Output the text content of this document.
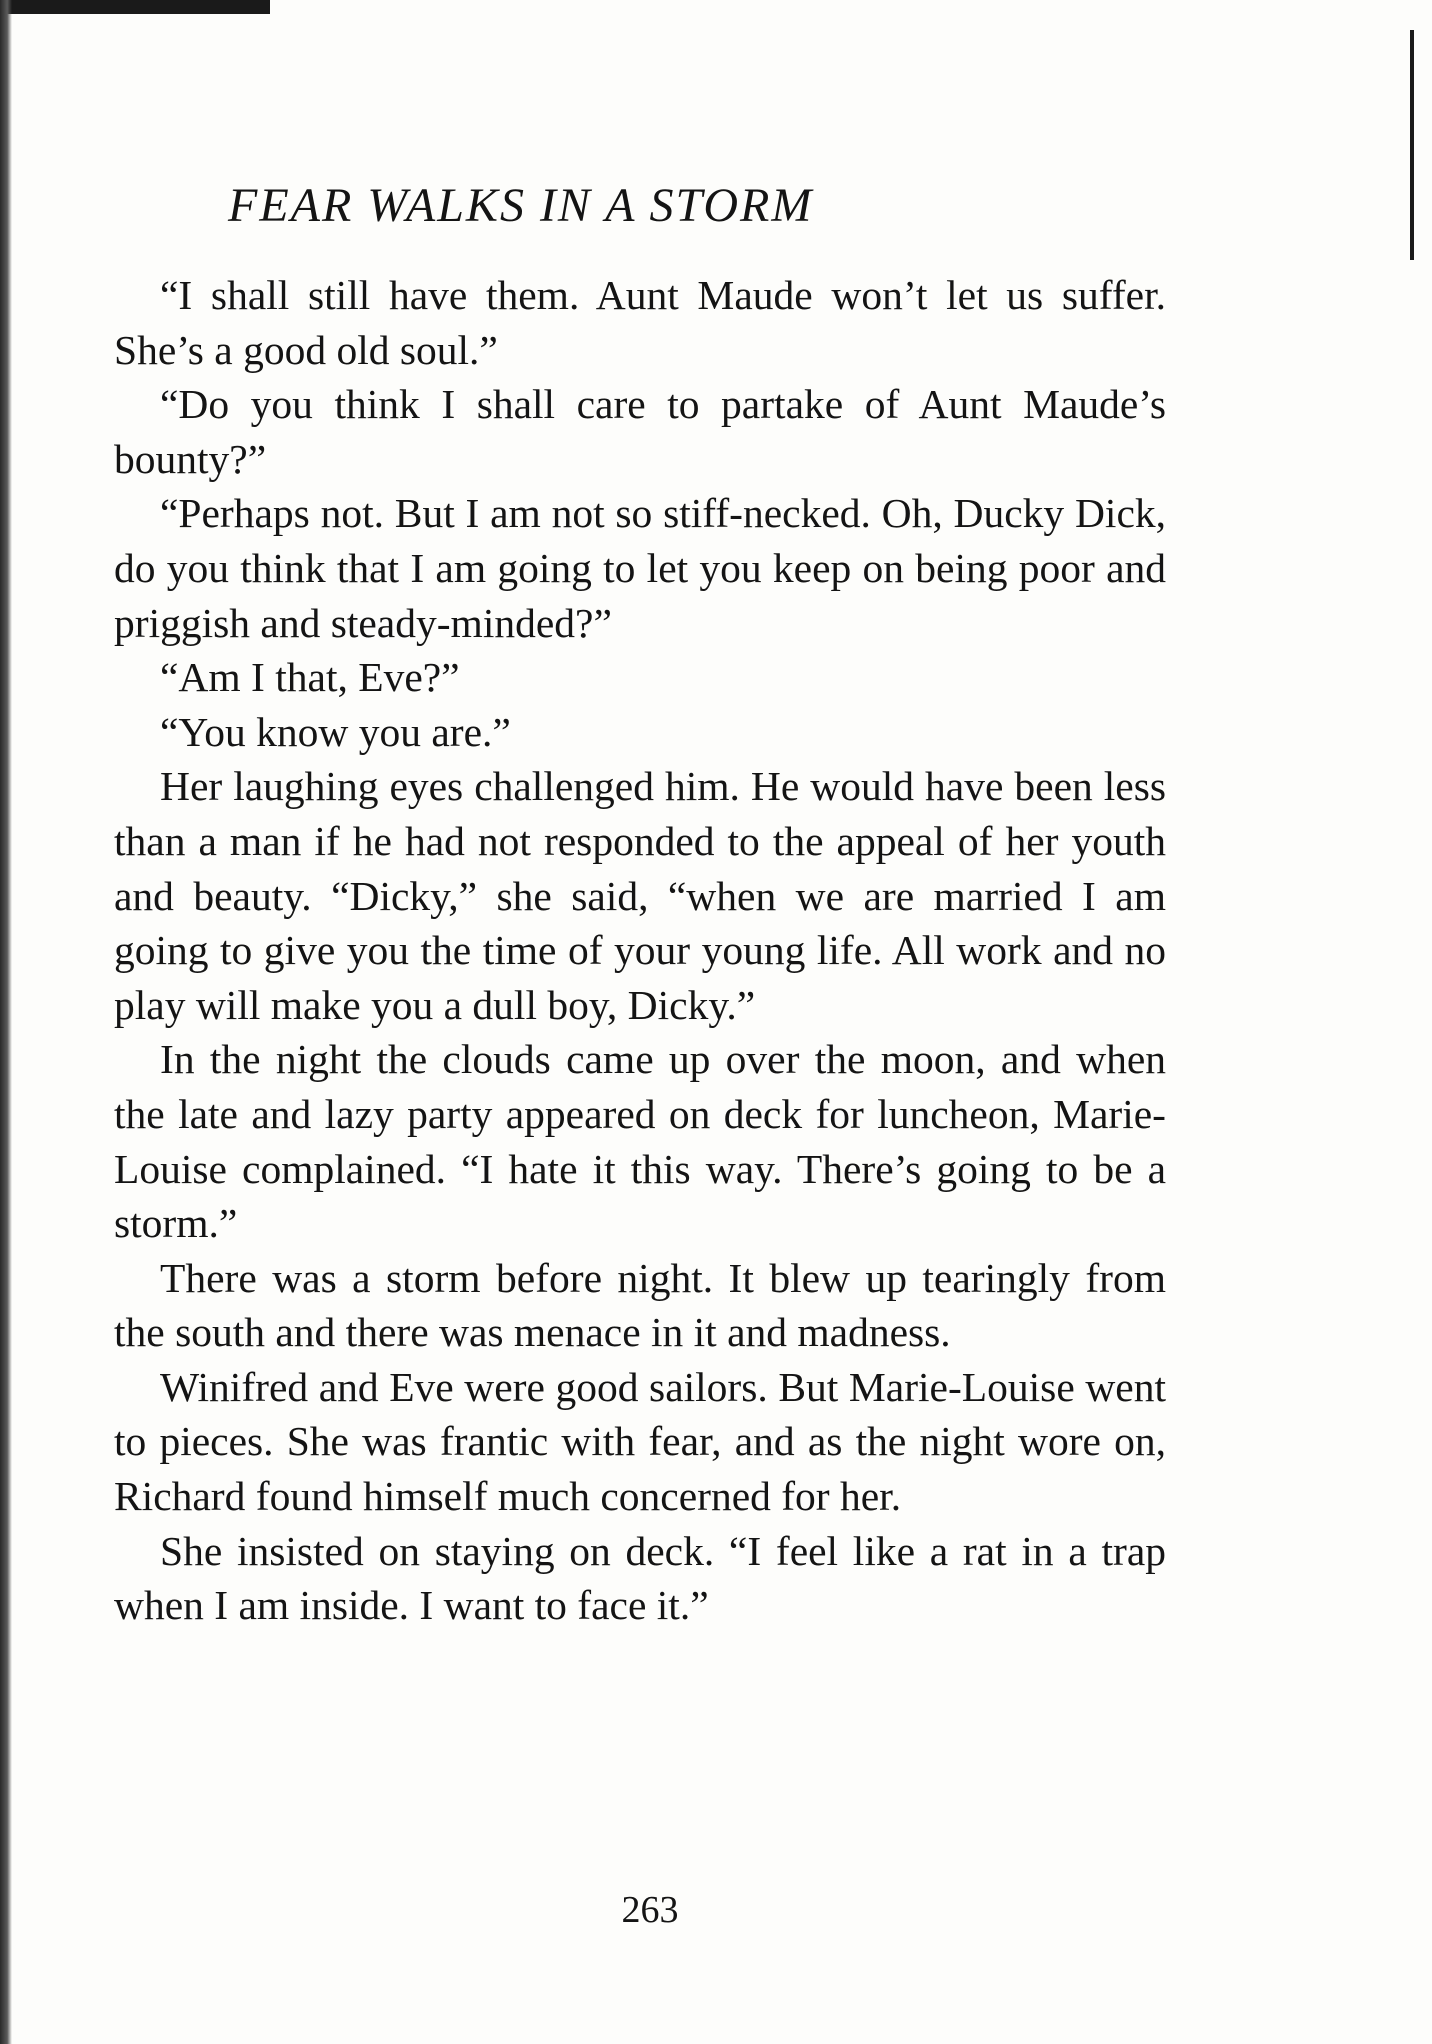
FEAR WALKS IN A STORM

“I shall still have them. Aunt Maude won’t let us suffer. She’s a good old soul.”

“Do you think I shall care to partake of Aunt Maude’s bounty?”

“Perhaps not. But I am not so stiff-necked. Oh, Ducky Dick, do you think that I am going to let you keep on being poor and priggish and steady-minded?”

“Am I that, Eve?”

“You know you are.”

Her laughing eyes challenged him. He would have been less than a man if he had not responded to the appeal of her youth and beauty. “Dicky,” she said, “when we are married I am going to give you the time of your young life. All work and no play will make you a dull boy, Dicky.”

In the night the clouds came up over the moon, and when the late and lazy party appeared on deck for luncheon, Marie-Louise complained. “I hate it this way. There’s going to be a storm.”

There was a storm before night. It blew up tearingly from the south and there was menace in it and madness.

Winifred and Eve were good sailors. But Marie-Louise went to pieces. She was frantic with fear, and as the night wore on, Richard found himself much concerned for her.

She insisted on staying on deck. “I feel like a rat in a trap when I am inside. I want to face it.”

263
